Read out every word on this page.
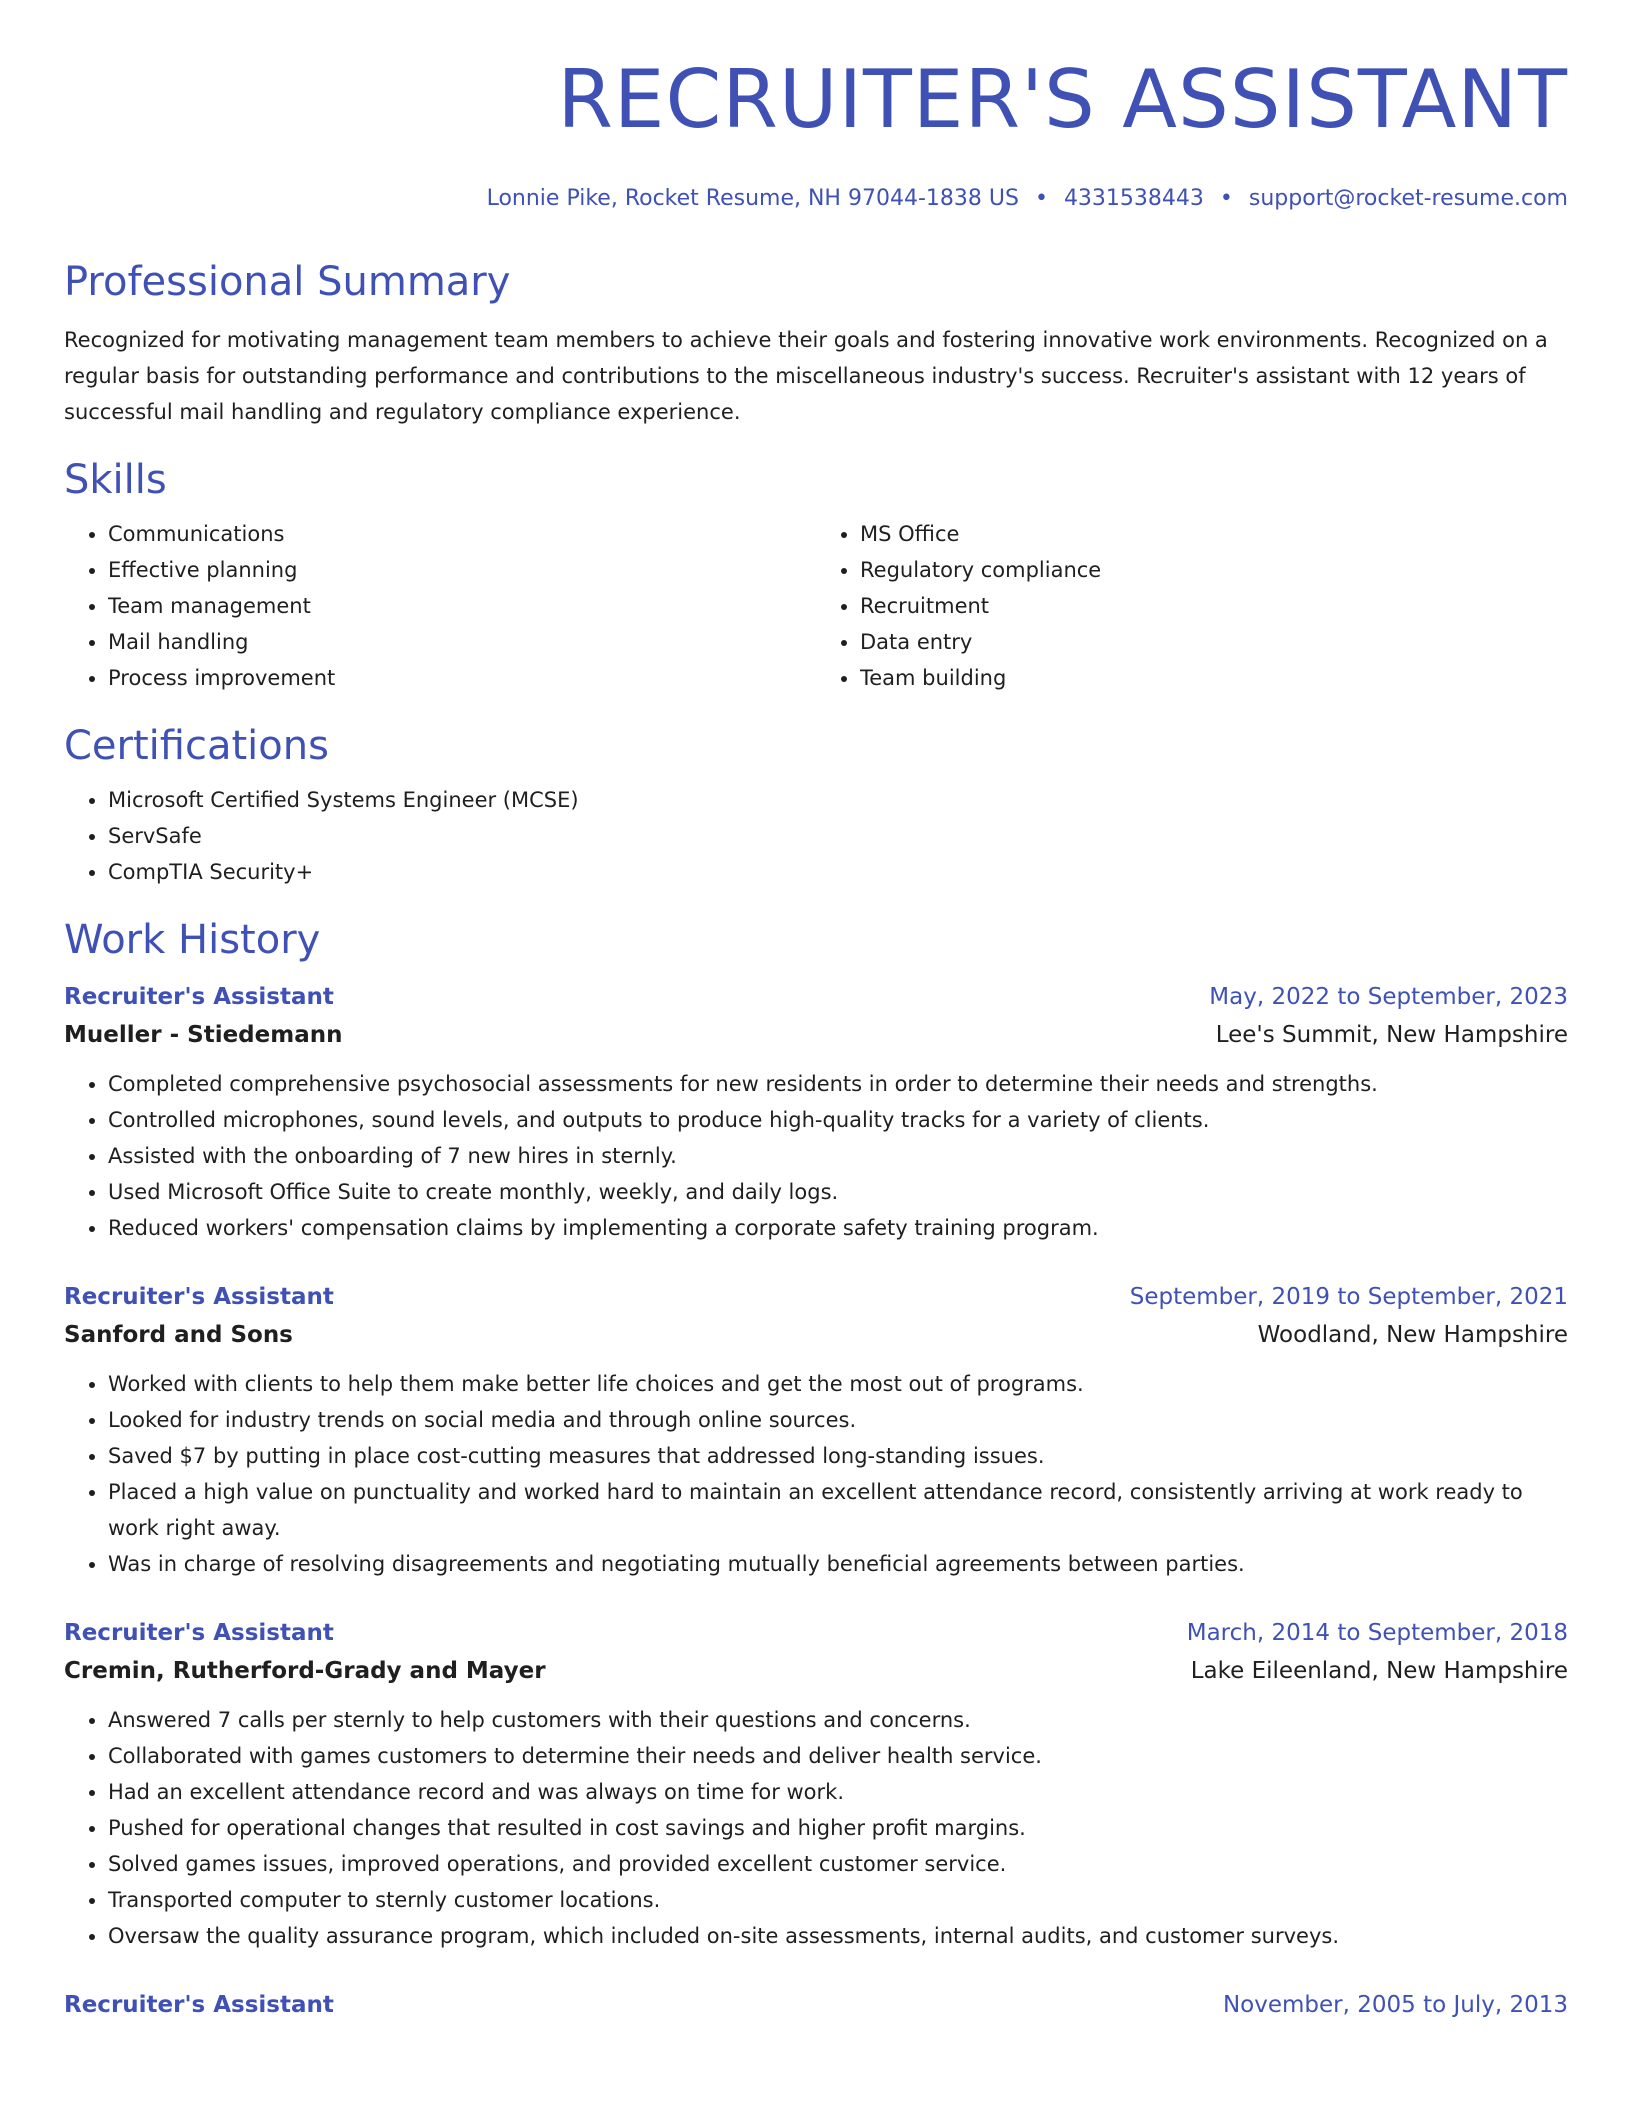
RECRUITER'S ASSISTANT
Lonnie Pike, Rocket Resume, NH 97044-1838 US • 4331538443 • support@rocket-resume.com
Professional Summary

Recognized for motivating management team members to achieve their goals and fostering innovative work environments. Recognized on a regular basis for outstanding performance and contributions to the miscellaneous industry's success. Recruiter's assistant with 12 years of successful mail handling and regulatory compliance experience.

Skills
• Communications
• Effective planning
• Team management
• Mail handling
• Process improvement
• MS Office
• Regulatory compliance
• Recruitment
• Data entry
• Team building
Certifications
• Microsoft Certified Systems Engineer (MCSE)
• ServSafe
• CompTIA Security+
Work History
Recruiter's Assistant	May, 2022 to September, 2023
Mueller - Stiedemann	Lee's Summit, New Hampshire
• Completed comprehensive psychosocial assessments for new residents in order to determine their needs and strengths.
• Controlled microphones, sound levels, and outputs to produce high-quality tracks for a variety of clients.
• Assisted with the onboarding of 7 new hires in sternly.
• Used Microsoft Office Suite to create monthly, weekly, and daily logs.
• Reduced workers' compensation claims by implementing a corporate safety training program.
Recruiter's Assistant	September, 2019 to September, 2021
Sanford and Sons	Woodland, New Hampshire
• Worked with clients to help them make better life choices and get the most out of programs.
• Looked for industry trends on social media and through online sources.
• Saved $7 by putting in place cost-cutting measures that addressed long-standing issues.
• Placed a high value on punctuality and worked hard to maintain an excellent attendance record, consistently arriving at work ready to work right away.
• Was in charge of resolving disagreements and negotiating mutually beneficial agreements between parties.
Recruiter's Assistant	March, 2014 to September, 2018
Cremin, Rutherford-Grady and Mayer	Lake Eileenland, New Hampshire
• Answered 7 calls per sternly to help customers with their questions and concerns.
• Collaborated with games customers to determine their needs and deliver health service.
• Had an excellent attendance record and was always on time for work.
• Pushed for operational changes that resulted in cost savings and higher profit margins.
• Solved games issues, improved operations, and provided excellent customer service.
• Transported computer to sternly customer locations.
• Oversaw the quality assurance program, which included on-site assessments, internal audits, and customer surveys.
Recruiter's Assistant	November, 2005 to July, 2013
